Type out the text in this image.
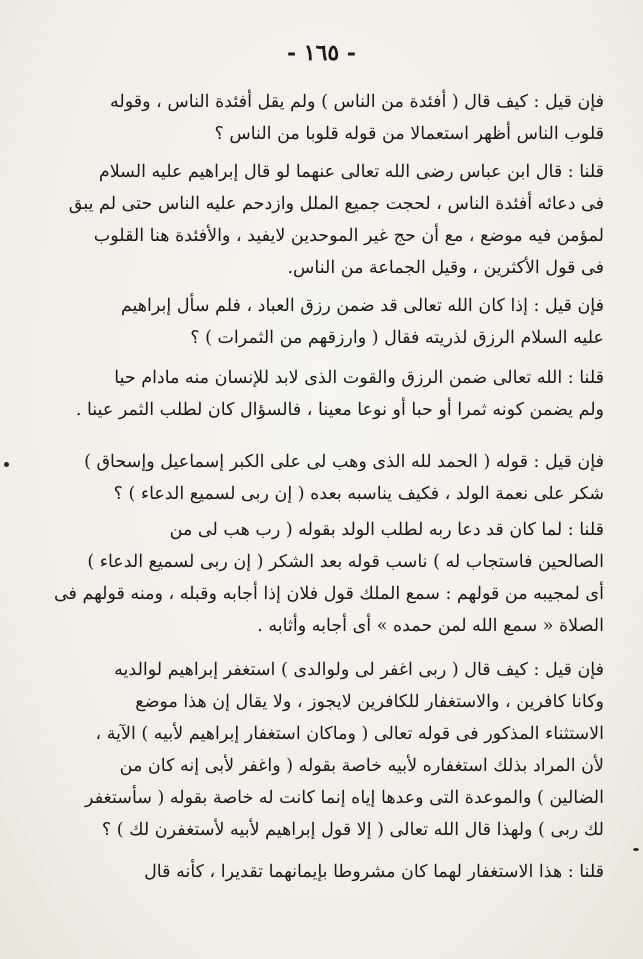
- ١٦٥ -
فإن قيل : كيف قال ( أفئدة من الناس ) ولم يقل أفئدة الناس ، وقوله
قلوب الناس أظهر استعمالا من قوله قلوبا من الناس ؟
قلنا : قال ابن عباس رضى الله تعالى عنهما لو قال إبراهيم عليه السلام
فى دعائه أفئدة الناس ، لحجت جميع الملل وازدحم عليه الناس حتى لم يبق
لمؤمن فيه موضع ، مع أن حج غير الموحدين لايفيد ، والأفئدة هنا القلوب
فى قول الأكثرين ، وقيل الجماعة من الناس.
فإن قيل : إذا كان الله تعالى قد ضمن رزق العباد ، فلم سأل إبراهيم
عليه السلام الرزق لذريته فقال ( وارزقهم من الثمرات ) ؟
قلنا : الله تعالى ضمن الرزق والقوت الذى لابد للإنسان منه مادام حيا
ولم يضمن كونه ثمرا أو حبا أو نوعا معينا ، فالسؤال كان لطلب الثمر عينا .
فإن قيل : قوله ( الحمد لله الذى وهب لى على الكبر إسماعيل وإسحاق )
شكر على نعمة الولد ، فكيف يناسبه بعده ( إن ربى لسميع الدعاء ) ؟
قلنا : لما كان قد دعا ربه لطلب الولد بقوله ( رب هب لى من
الصالحين فاستجاب له ) ناسب قوله بعد الشكر ( إن ربى لسميع الدعاء )
أى لمجيبه من قولهم : سمع الملك قول فلان إذا أجابه وقبله ، ومنه قولهم فى
الصلاة « سمع الله لمن حمده » أى أجابه وأثابه .
فإن قيل : كيف قال ( ربى اغفر لى ولوالدى ) استغفر إبراهيم لوالديه
وكانا كافرين ، والاستغفار للكافرين لايجوز ، ولا يقال إن هذا موضع
الاستثناء المذكور فى قوله تعالى ( وماكان استغفار إبراهيم لأبيه ) الآية ،
لأن المراد بذلك استغفاره لأبيه خاصة بقوله ( واغفر لأبى إنه كان من
الضالين ) والموعدة التى وعدها إياه إنما كانت له خاصة بقوله ( سأستغفر
لك ربى ) ولهذا قال الله تعالى ( إلا قول إبراهيم لأبيه لأستغفرن لك ) ؟
قلنا : هذا الاستغفار لهما كان مشروطا بإيمانهما تقديرا ، كأنه قال
